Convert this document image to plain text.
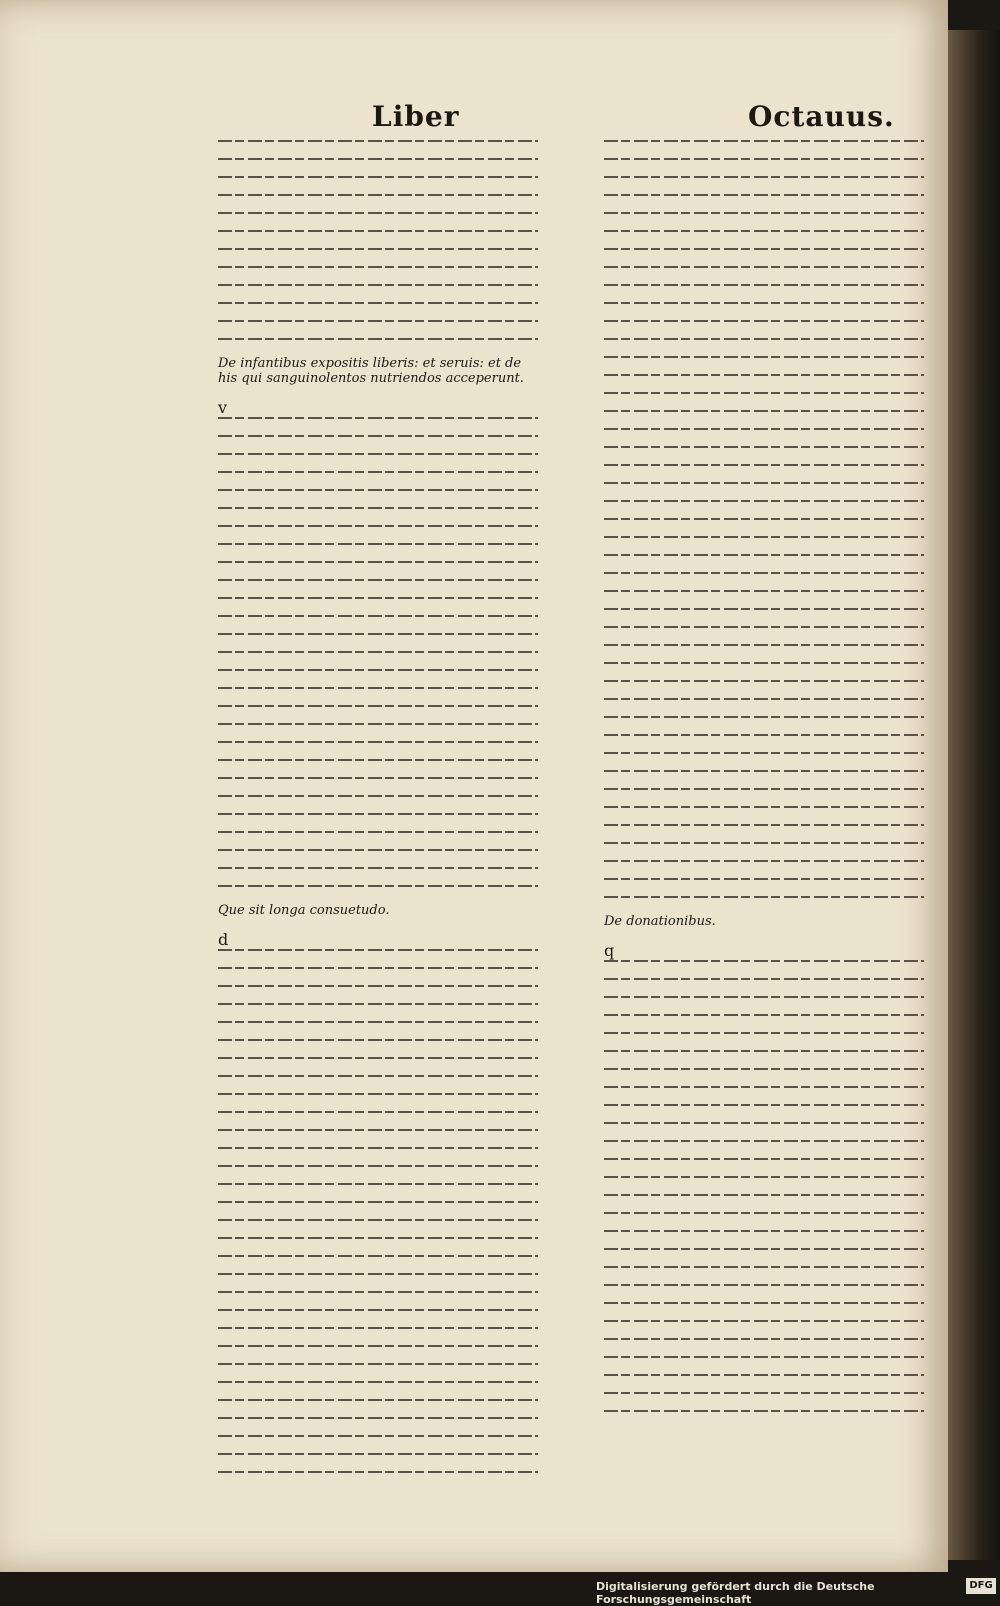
Liber	Octauus.
De infantibus expositis liberis: et seruis: et de his qui sanguinolentos nutriendos acceperunt.
v
Que sit longa consuetudo.
d
De donationibus.
q
Digitalisierung gefördert durch die Deutsche Forschungsgemeinschaft
DFG
